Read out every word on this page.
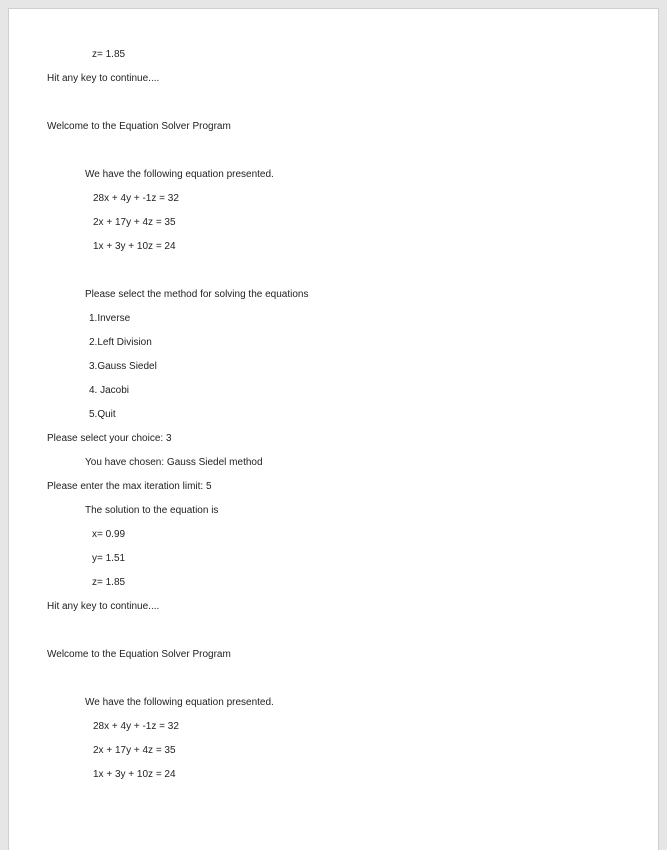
z= 1.85
Hit any key to continue....
Welcome to the Equation Solver Program
We have the following equation presented.
28x + 4y + -1z = 32
2x + 17y + 4z = 35
1x + 3y + 10z = 24
Please select the method for solving the equations
1.Inverse
2.Left Division
3.Gauss Siedel
4. Jacobi
5.Quit
Please select your choice: 3
You have chosen: Gauss Siedel method
Please enter the max iteration limit: 5
The solution to the equation is
x= 0.99
y= 1.51
z= 1.85
Hit any key to continue....
Welcome to the Equation Solver Program
We have the following equation presented.
28x + 4y + -1z = 32
2x + 17y + 4z = 35
1x + 3y + 10z = 24
